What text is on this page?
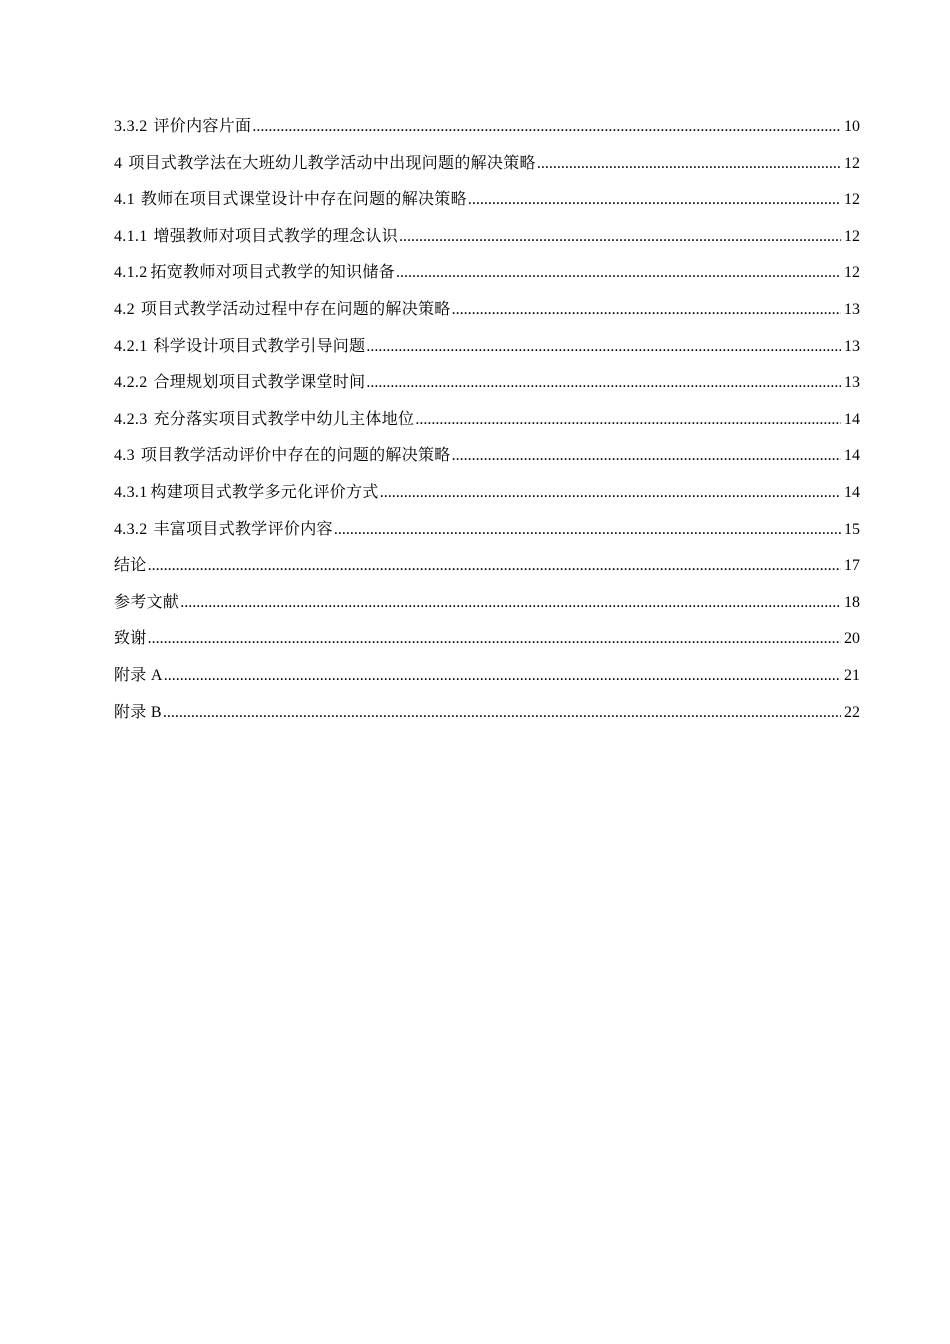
3.3.2 评价内容片面 .....	10
4 项目式教学法在大班幼儿教学活动中出现问题的解决策略 .....	12
4.1 教师在项目式课堂设计中存在问题的解决策略 .....	12
4.1.1 增强教师对项目式教学的理念认识 .....	12
4.1.2 拓宽教师对项目式教学的知识储备 .....	12
4.2 项目式教学活动过程中存在问题的解决策略 .....	13
4.2.1 科学设计项目式教学引导问题 .....	13
4.2.2 合理规划项目式教学课堂时间 .....	13
4.2.3 充分落实项目式教学中幼儿主体地位 .....	14
4.3 项目教学活动评价中存在的问题的解决策略 .....	14
4.3.1 构建项目式教学多元化评价方式 .....	14
4.3.2 丰富项目式教学评价内容 .....	15
结论 .....	17
参考文献 .....	18
致谢 .....	20
附录 A .....	21
附录 B .....	22
